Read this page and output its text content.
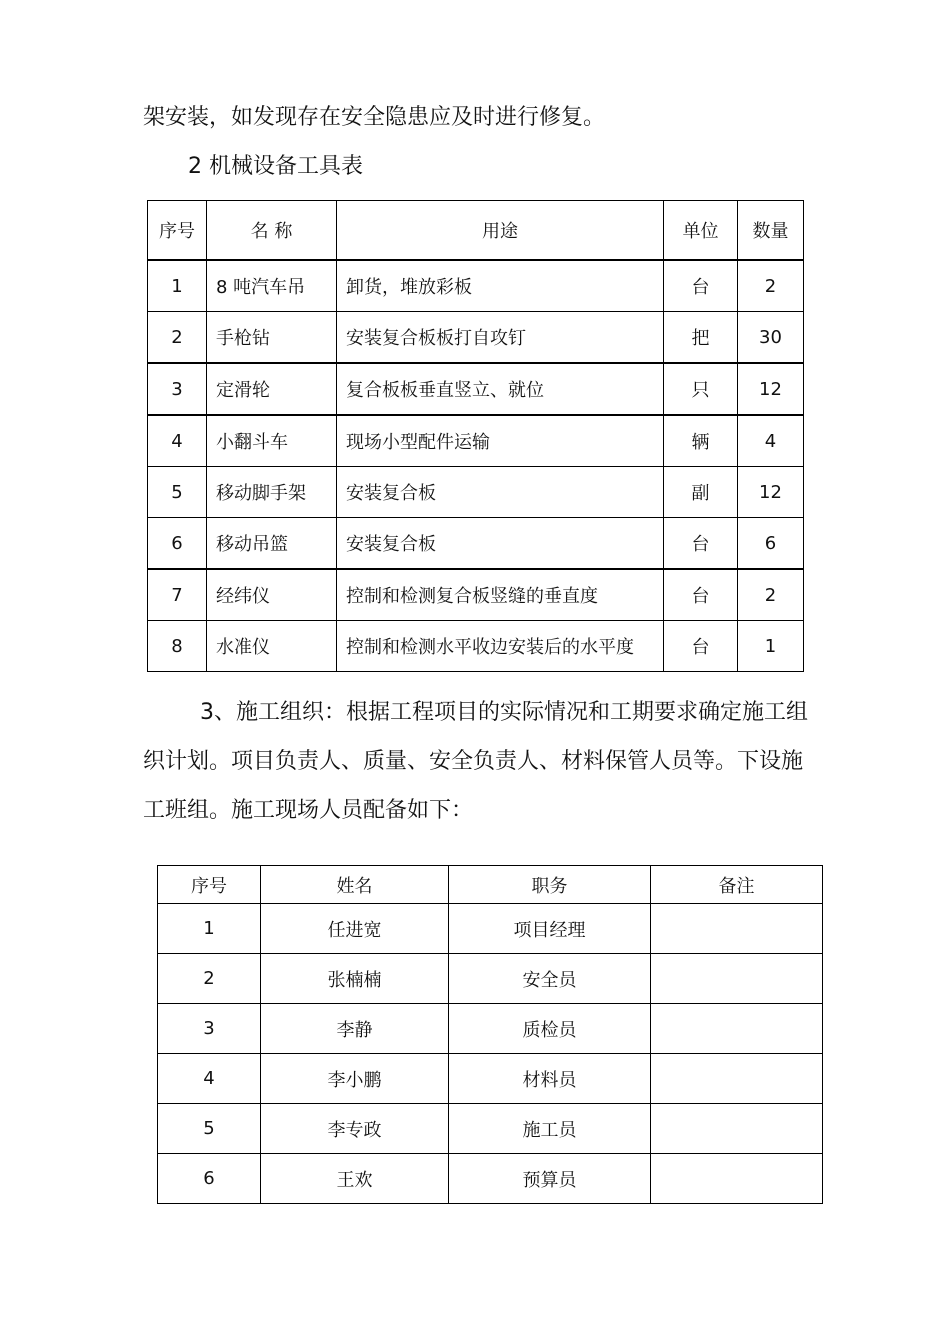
架安装，如发现存在安全隐患应及时进行修复。
2 机械设备工具表
序号	名 称	用途	单位	数量
1	8 吨汽车吊	卸货，堆放彩板	台	2
2	手枪钻	安装复合板板打自攻钉	把	30
3	定滑轮	复合板板垂直竖立、就位	只	12
4	小翻斗车	现场小型配件运输	辆	4
5	移动脚手架	安装复合板	副	12
6	移动吊篮	安装复合板	台	6
7	经纬仪	控制和检测复合板竖缝的垂直度	台	2
8	水准仪	控制和检测水平收边安装后的水平度	台	1
3、施工组织：根据工程项目的实际情况和工期要求确定施工组
织计划。项目负责人、质量、安全负责人、材料保管人员等。下设施
工班组。施工现场人员配备如下：
序号	姓名	职务	备注
1	任进宽	项目经理	
2	张楠楠	安全员	
3	李静	质检员	
4	李小鹏	材料员	
5	李专政	施工员	
6	王欢	预算员	
